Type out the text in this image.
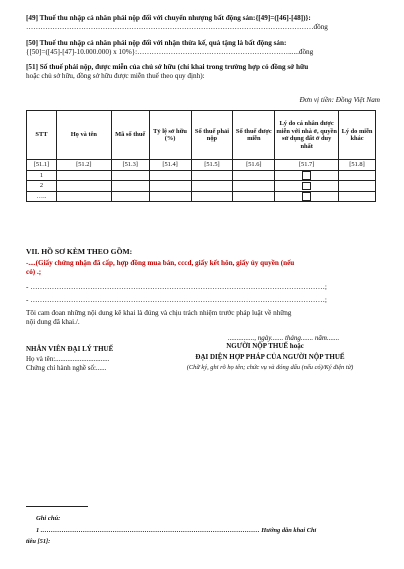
[49] Thuế thu nhập cá nhân phải nộp đối với chuyển nhượng bất động sản:{[49]=([46]-[48])}:
…………………………………………………………………………………………………………đồng
[50] Thuế thu nhập cá nhân phải nộp đối với nhận thừa kế, quà tặng là bất động sản:
{[50]=([45]-[47]-10.000.000) x 10%}:………………………………………………………......đồng
[51] Số thuế phải nộp, được miễn của chủ sở hữu (chỉ khai trong trường hợp có đồng sở hữu
hoặc chủ sở hữu, đồng sở hữu được miễn thuế theo quy định):
Đơn vị tiền: Đồng Việt Nam
STT	Họ và tên	Mã số thuế	Tỷ lệ sở hữu (%)	Số thuế phải nộp	Số thuế được miễn	Lý do cá nhân được miễn với nhà ở, quyền sử dụng đất ở duy nhất	Lý do miễn khác
[51.1]	[51.2]	[51.3]	[51.4]	[51.5]	[51.6]	[51.7]	[51.8]
1							
2							
…..							
VII. HỒ SƠ KÈM THEO GỒM:
-....(Giấy chứng nhận đã cấp, hợp đồng mua bán, cccd, giấy kết hôn, giấy ủy quyền (nếu
có) .;
- ……………………………………………………………………………………………………………;
- ……………………………………………………………………………………………………………;
Tôi cam đoan những nội dung kê khai là đúng và chịu trách nhiệm trước pháp luật về những
nội dung đã khai./.
..............., ngày....... tháng....... năm.......
NHÂN VIÊN ĐẠI LÝ THUẾ
Họ và tên:...............................
Chứng chỉ hành nghề số:......
NGƯỜI NỘP THUẾ hoặc
ĐẠI DIỆN HỢP PHÁP CỦA NGƯỜI NỘP THUẾ
(Chữ ký, ghi rõ họ tên; chức vụ và đóng dấu (nếu có)/Ký điện tử)
Ghi chú:
1 .………………………………………………………………………………………… Hướng dẫn khai Chỉ
tiêu [51]:
